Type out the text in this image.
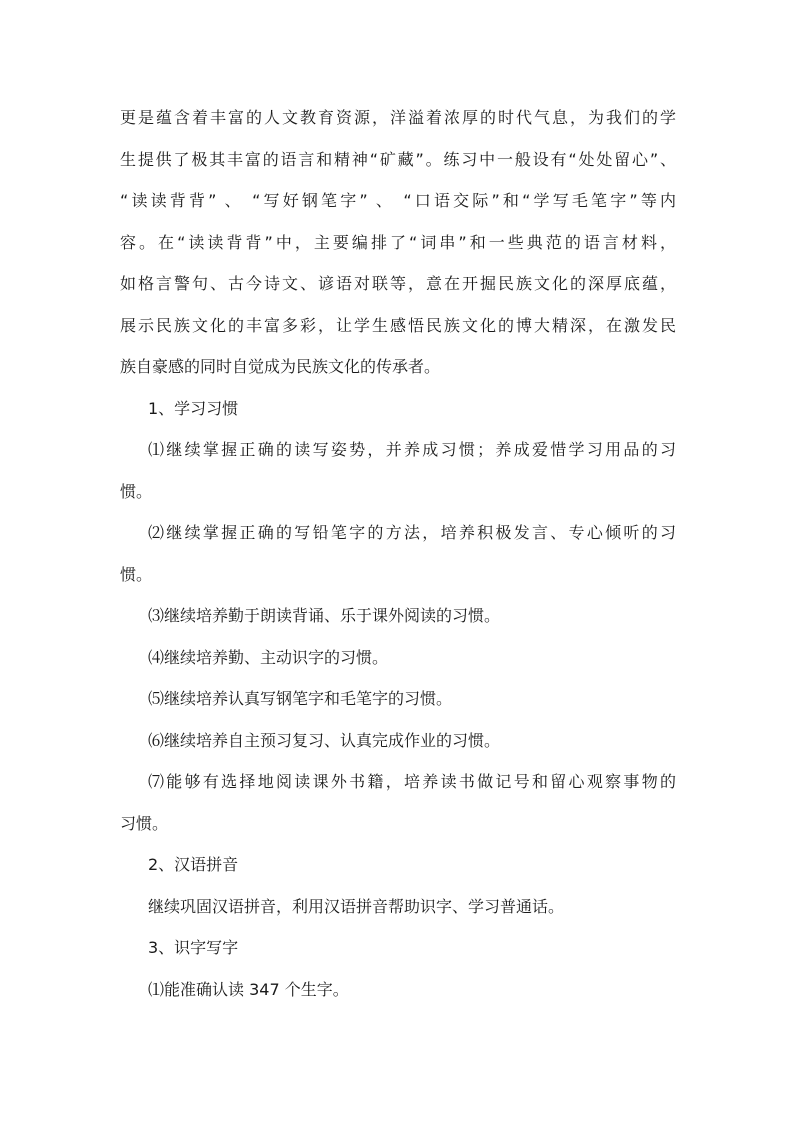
更是蕴含着丰富的人文教育资源，洋溢着浓厚的时代气息，为我们的学
生提供了极其丰富的语言和精神“矿藏”。练习中一般设有“处处留心”、
“读读背背” 、 “写好钢笔字” 、 “口语交际”和“学写毛笔字”等内
容。在“读读背背”中，主要编排了“词串”和一些典范的语言材料，
如格言警句、古今诗文、谚语对联等，意在开掘民族文化的深厚底蕴，
展示民族文化的丰富多彩，让学生感悟民族文化的博大精深，在激发民
族自豪感的同时自觉成为民族文化的传承者。
1、学习习惯
⑴继续掌握正确的读写姿势，并养成习惯；养成爱惜学习用品的习
惯。
⑵继续掌握正确的写铅笔字的方法，培养积极发言、专心倾听的习
惯。
⑶继续培养勤于朗读背诵、乐于课外阅读的习惯。
⑷继续培养勤、主动识字的习惯。
⑸继续培养认真写钢笔字和毛笔字的习惯。
⑹继续培养自主预习复习、认真完成作业的习惯。
⑺能够有选择地阅读课外书籍，培养读书做记号和留心观察事物的
习惯。
2、汉语拼音
继续巩固汉语拼音，利用汉语拼音帮助识字、学习普通话。
3、识字写字
⑴能准确认读 347 个生字。
